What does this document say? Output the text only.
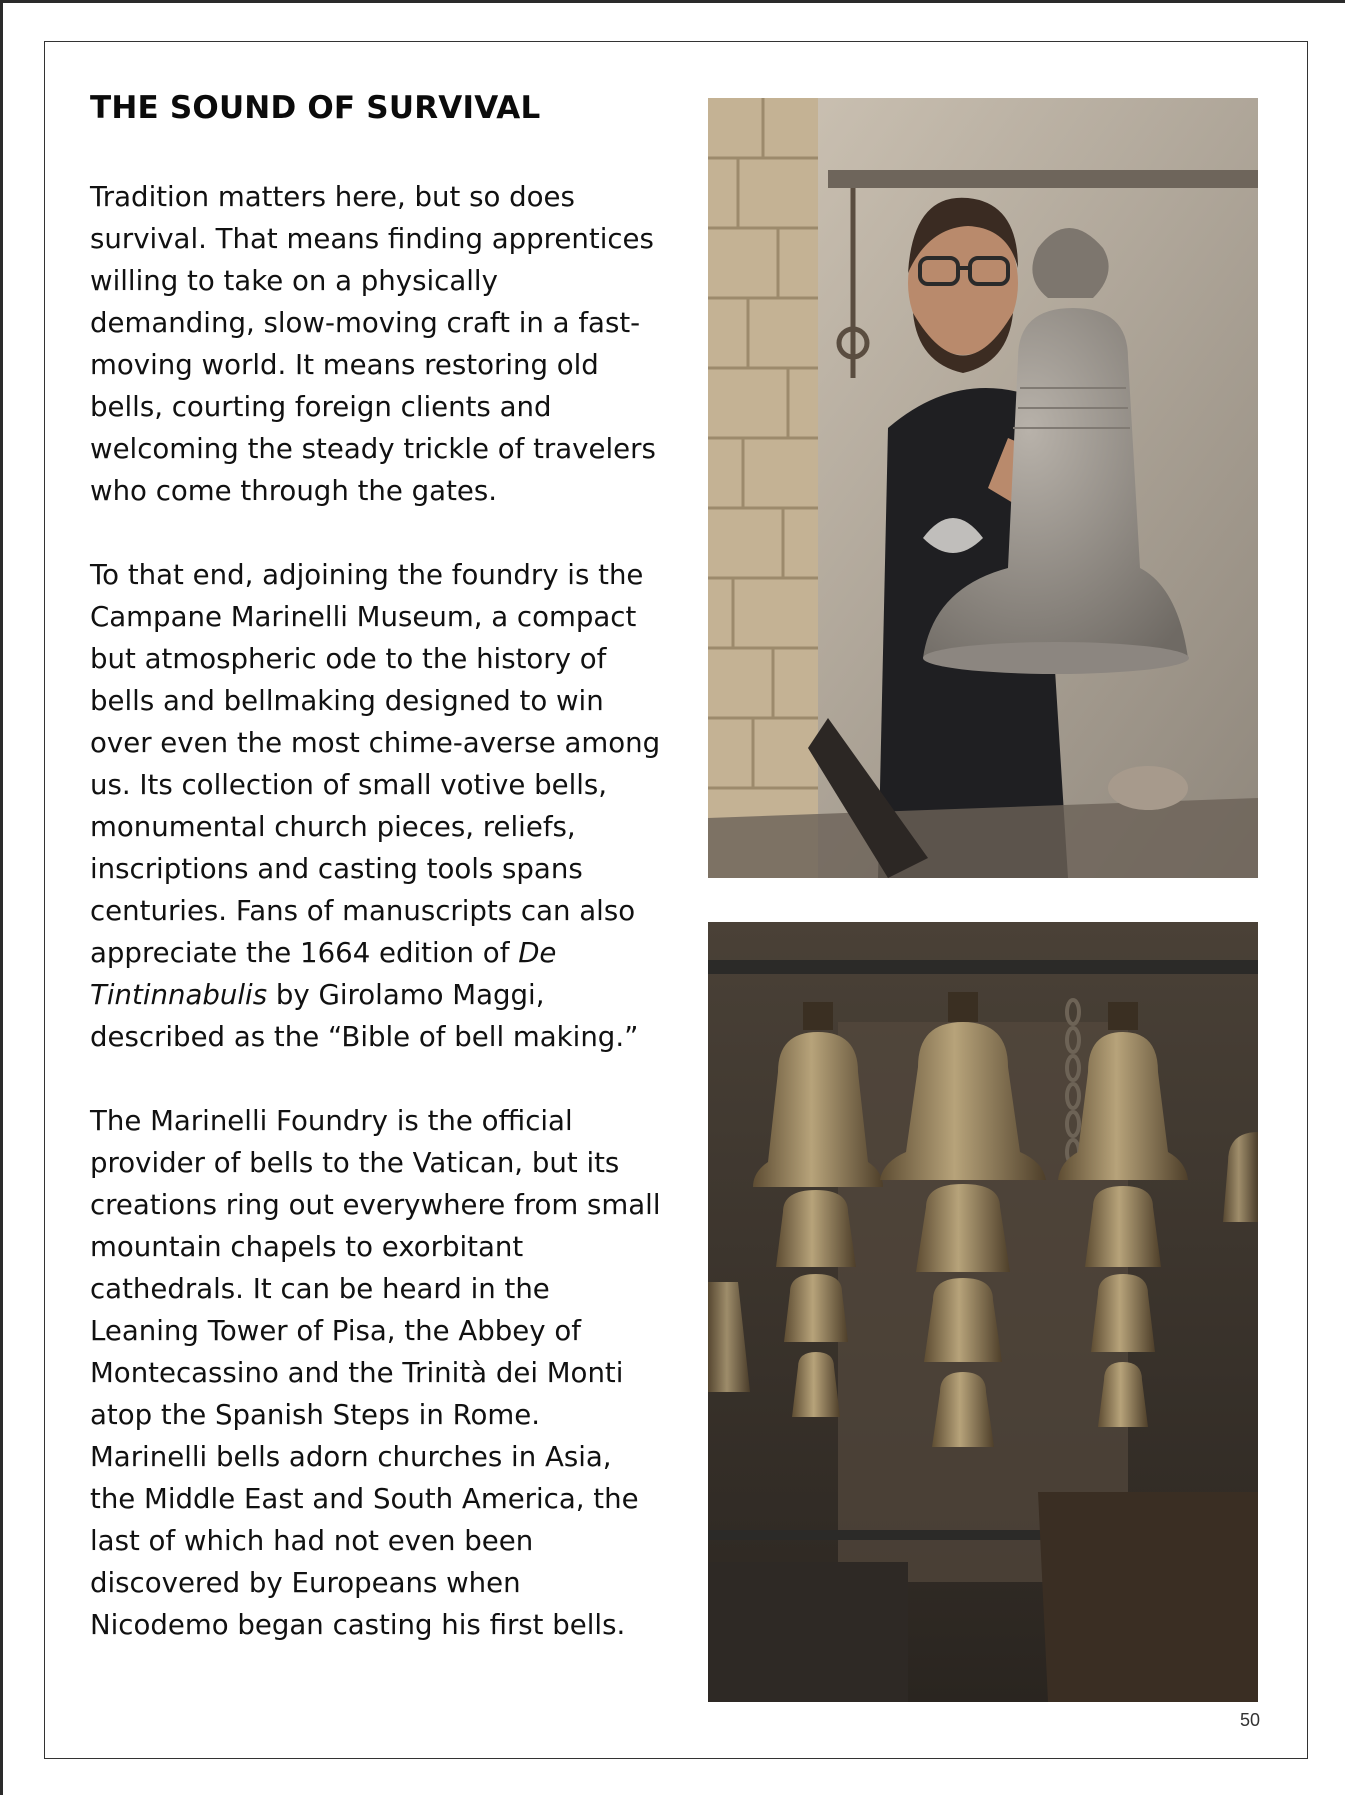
THE SOUND OF SURVIVAL

Tradition matters here, but so does survival. That means finding apprentices willing to take on a physically demanding, slow-moving craft in a fast-moving world. It means restoring old bells, courting foreign clients and welcoming the steady trickle of travelers who come through the gates.

To that end, adjoining the foundry is the Campane Marinelli Museum, a compact but atmospheric ode to the history of bells and bellmaking designed to win over even the most chime-averse among us. Its collection of small votive bells, monumental church pieces, reliefs, inscriptions and casting tools spans centuries. Fans of manuscripts can also appreciate the 1664 edition of De Tintinnabulis by Girolamo Maggi, described as the “Bible of bell making.”

The Marinelli Foundry is the official provider of bells to the Vatican, but its creations ring out everywhere from small mountain chapels to exorbitant cathedrals. It can be heard in the Leaning Tower of Pisa, the Abbey of Montecassino and the Trinità dei Monti atop the Spanish Steps in Rome. Marinelli bells adorn churches in Asia, the Middle East and South America, the last of which had not even been discovered by Europeans when Nicodemo began casting his first bells.

50
